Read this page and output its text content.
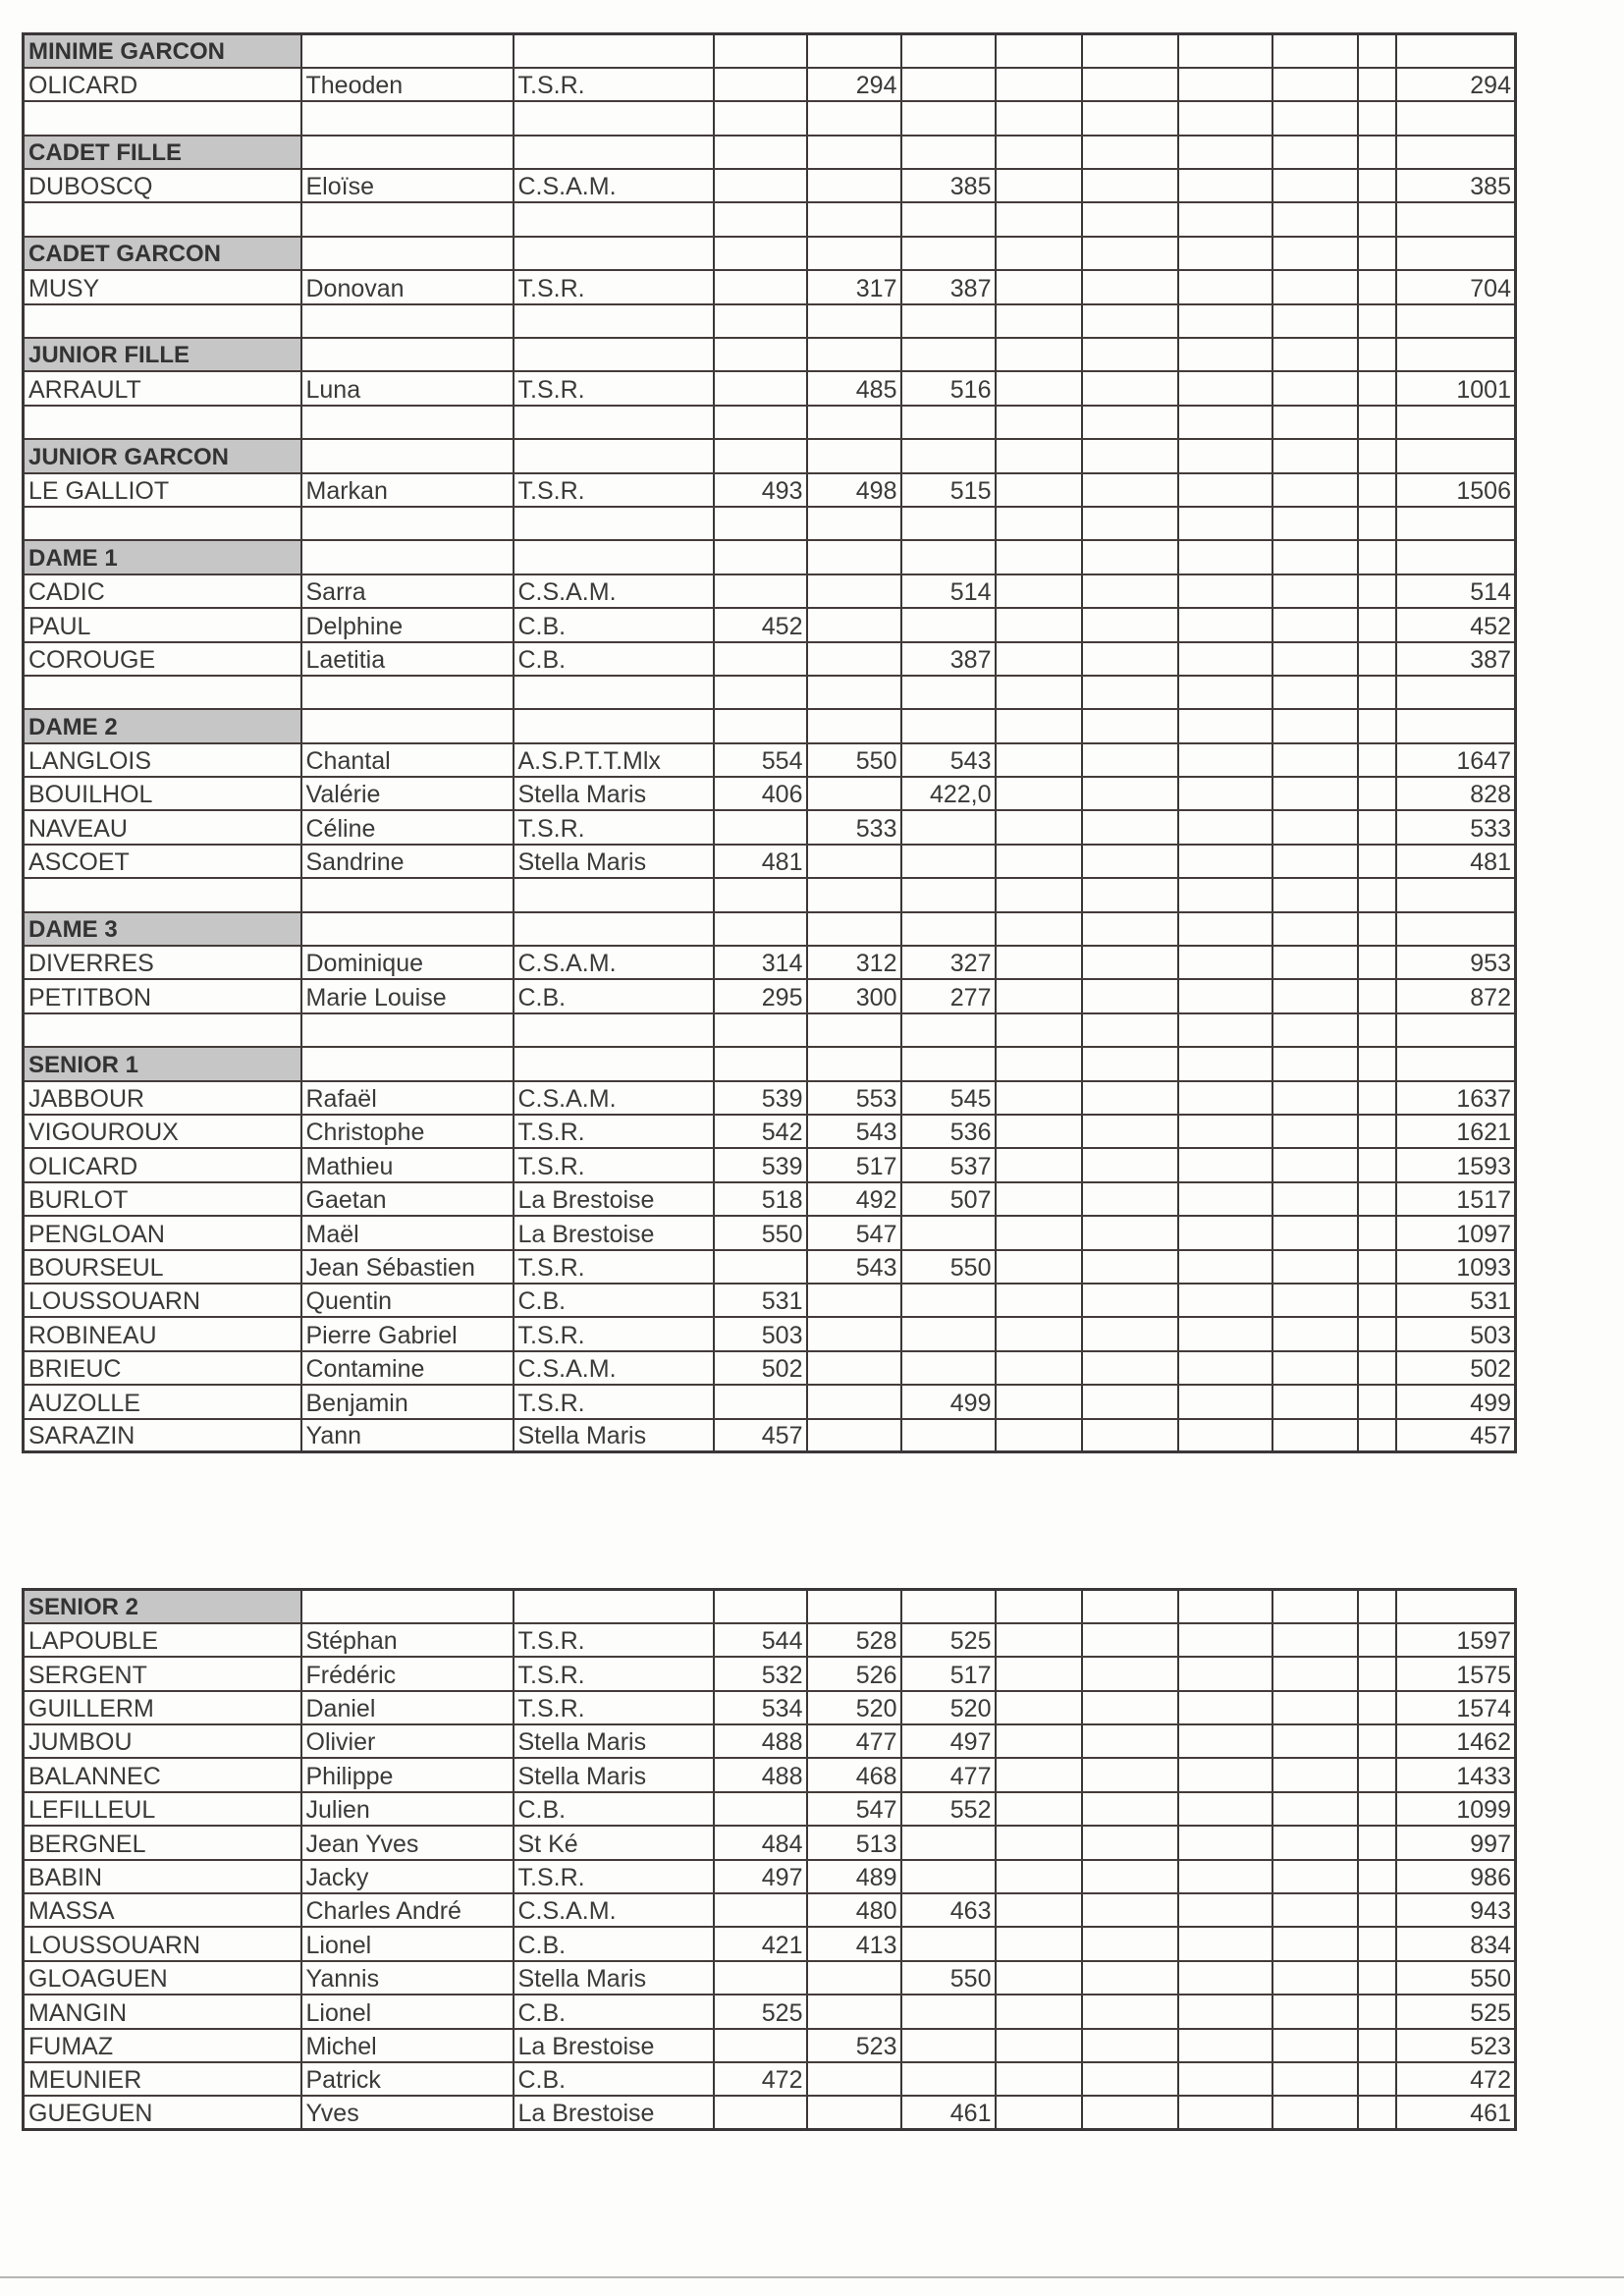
MINIME GARCON											
OLICARD	Theoden	T.S.R.		294							294

CADET FILLE											
DUBOSCQ	Eloïse	C.S.A.M.			385						385

CADET GARCON											
MUSY	Donovan	T.S.R.		317	387						704

JUNIOR FILLE											
ARRAULT	Luna	T.S.R.		485	516						1001

JUNIOR GARCON											
LE GALLIOT	Markan	T.S.R.	493	498	515						1506

DAME 1											
CADIC	Sarra	C.S.A.M.			514						514
PAUL	Delphine	C.B.	452								452
COROUGE	Laetitia	C.B.			387						387

DAME 2											
LANGLOIS	Chantal	A.S.P.T.T.Mlx	554	550	543						1647
BOUILHOL	Valérie	Stella Maris	406		422,0						828
NAVEAU	Céline	T.S.R.		533							533
ASCOET	Sandrine	Stella Maris	481								481

DAME 3											
DIVERRES	Dominique	C.S.A.M.	314	312	327						953
PETITBON	Marie Louise	C.B.	295	300	277						872

SENIOR 1											
JABBOUR	Rafaël	C.S.A.M.	539	553	545						1637
VIGOUROUX	Christophe	T.S.R.	542	543	536						1621
OLICARD	Mathieu	T.S.R.	539	517	537						1593
BURLOT	Gaetan	La Brestoise	518	492	507						1517
PENGLOAN	Maël	La Brestoise	550	547							1097
BOURSEUL	Jean Sébastien	T.S.R.		543	550						1093
LOUSSOUARN	Quentin	C.B.	531								531
ROBINEAU	Pierre Gabriel	T.S.R.	503								503
BRIEUC	Contamine	C.S.A.M.	502								502
AUZOLLE	Benjamin	T.S.R.			499						499
SARAZIN	Yann	Stella Maris	457								457
SENIOR 2											
LAPOUBLE	Stéphan	T.S.R.	544	528	525						1597
SERGENT	Frédéric	T.S.R.	532	526	517						1575
GUILLERM	Daniel	T.S.R.	534	520	520						1574
JUMBOU	Olivier	Stella Maris	488	477	497						1462
BALANNEC	Philippe	Stella Maris	488	468	477						1433
LEFILLEUL	Julien	C.B.		547	552						1099
BERGNEL	Jean Yves	St Ké	484	513							997
BABIN	Jacky	T.S.R.	497	489							986
MASSA	Charles André	C.S.A.M.		480	463						943
LOUSSOUARN	Lionel	C.B.	421	413							834
GLOAGUEN	Yannis	Stella Maris			550						550
MANGIN	Lionel	C.B.	525								525
FUMAZ	Michel	La Brestoise		523							523
MEUNIER	Patrick	C.B.	472								472
GUEGUEN	Yves	La Brestoise			461						461
